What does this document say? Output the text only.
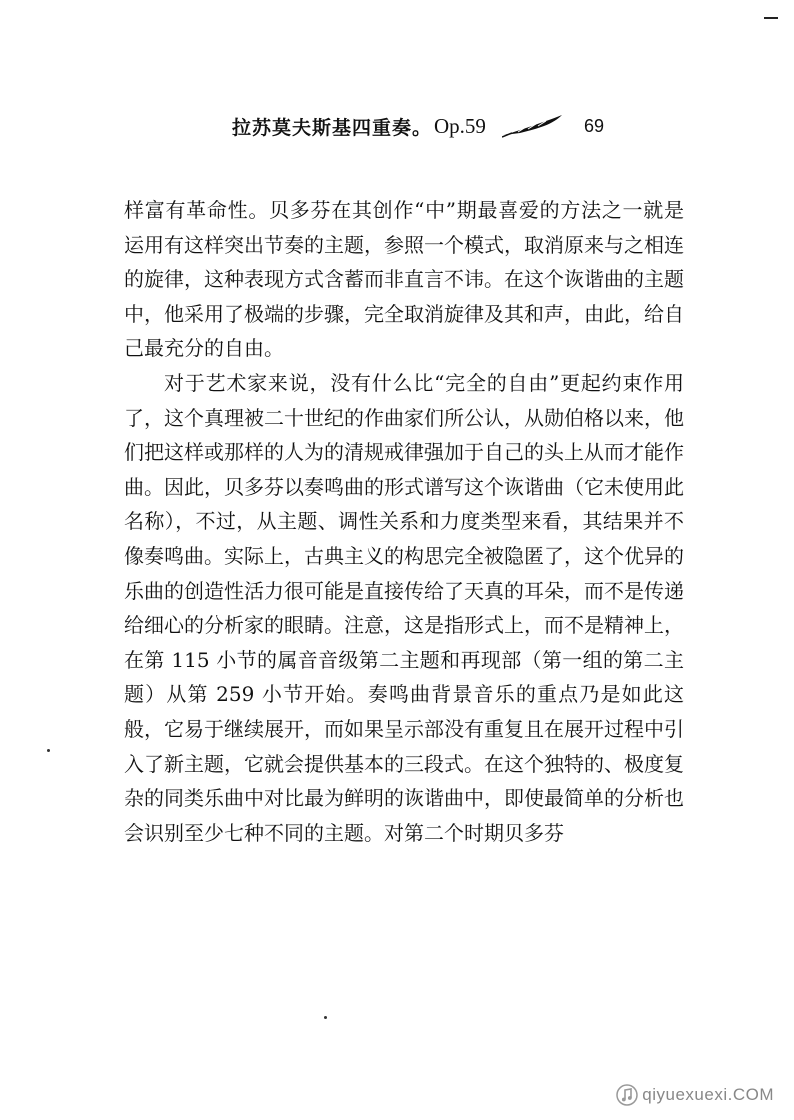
拉苏莫夫斯基四重奏。 Op.59	69

样富有革命性。贝多芬在其创作“中”期最喜爱的方法之一就是运用有这样突出节奏的主题，参照一个模式，取消原来与之相连的旋律，这种表现方式含蓄而非直言不讳。在这个诙谐曲的主题中，他采用了极端的步骤，完全取消旋律及其和声，由此，给自己最充分的自由。

对于艺术家来说，没有什么比“完全的自由”更起约束作用了，这个真理被二十世纪的作曲家们所公认，从勋伯格以来，他们把这样或那样的人为的清规戒律强加于自己的头上从而才能作曲。因此，贝多芬以奏鸣曲的形式谱写这个诙谐曲（它未使用此名称），不过，从主题、调性关系和力度类型来看，其结果并不像奏鸣曲。实际上，古典主义的构思完全被隐匿了，这个优异的乐曲的创造性活力很可能是直接传给了天真的耳朵，而不是传递给细心的分析家的眼睛。注意，这是指形式上，而不是精神上，在第 115 小节的属音音级第二主题和再现部（第一组的第二主题）从第 259 小节开始。奏鸣曲背景音乐的重点乃是如此这般，它易于继续展开，而如果呈示部没有重复且在展开过程中引入了新主题，它就会提供基本的三段式。在这个独特的、极度复杂的同类乐曲中对比最为鲜明的诙谐曲中，即使最简单的分析也会识别至少七种不同的主题。对第二个时期贝多芬

qiyuexuexi.COM
